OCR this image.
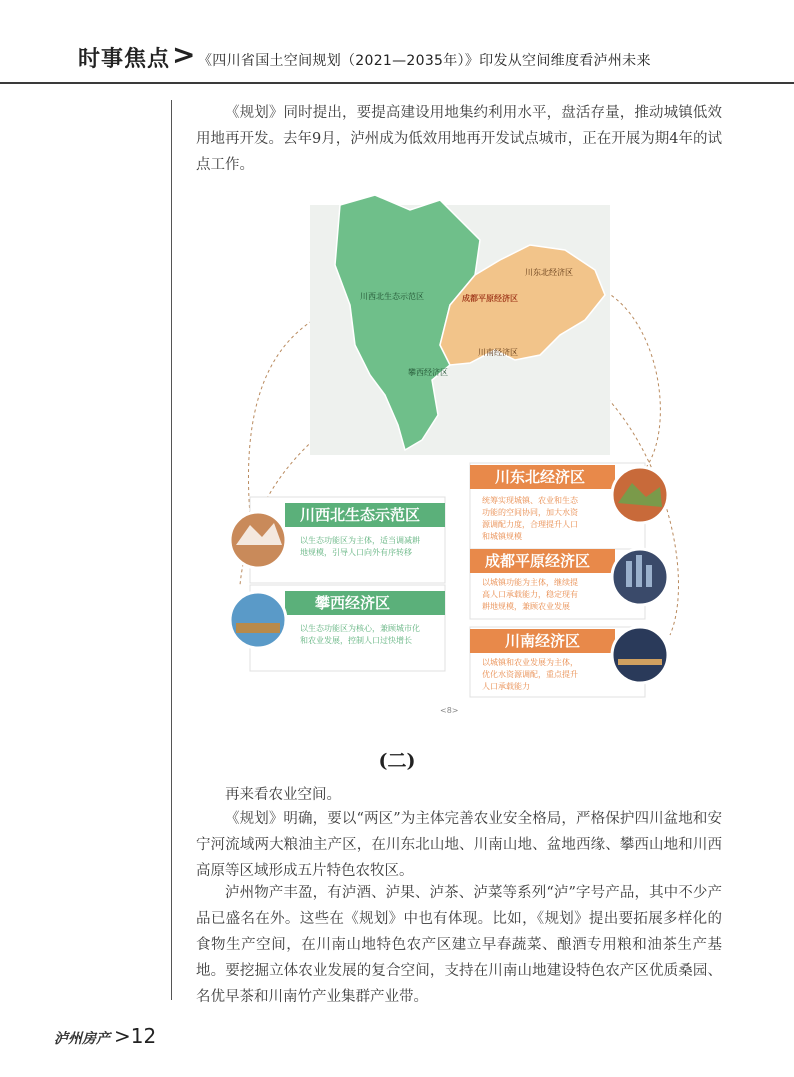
时事焦点 > 《四川省国土空间规划（2021—2035年）》印发从空间维度看泸州未来
《规划》同时提出，要提高建设用地集约利用水平，盘活存量，推动城镇低效用地再开发。去年9月，泸州成为低效用地再开发试点城市，正在开展为期4年的试点工作。
川西北生态示范区	成都平原经济区
川东北经济区
川南经济区
攀西经济区
川西北生态示范区
以生态功能区为主体，适当调减耕
地规模，引导人口向外有序转移
攀西经济区
以生态功能区为核心，兼顾城市化
和农业发展，控制人口过快增长
川东北经济区
统筹实现城镇、农业和生态
功能的空间协同，加大水资
源调配力度，合理提升人口
和城镇规模
成都平原经济区
以城镇功能为主体，继续提
高人口承载能力，稳定现有
耕地规模，兼顾农业发展
川南经济区
以城镇和农业发展为主体，
优化水资源调配，重点提升
人口承载能力
<8>
(二)
再来看农业空间。
《规划》明确，要以“两区”为主体完善农业安全格局，严格保护四川盆地和安宁河流域两大粮油主产区，在川东北山地、川南山地、盆地西缘、攀西山地和川西高原等区域形成五片特色农牧区。
泸州物产丰盈，有泸酒、泸果、泸茶、泸菜等系列“泸”字号产品，其中不少产品已盛名在外。这些在《规划》中也有体现。比如，《规划》提出要拓展多样化的食物生产空间，在川南山地特色农产区建立早春蔬菜、酿酒专用粮和油茶生产基地。要挖掘立体农业发展的复合空间，支持在川南山地建设特色农产区优质桑园、名优早茶和川南竹产业集群产业带。
泸州房产 >12
